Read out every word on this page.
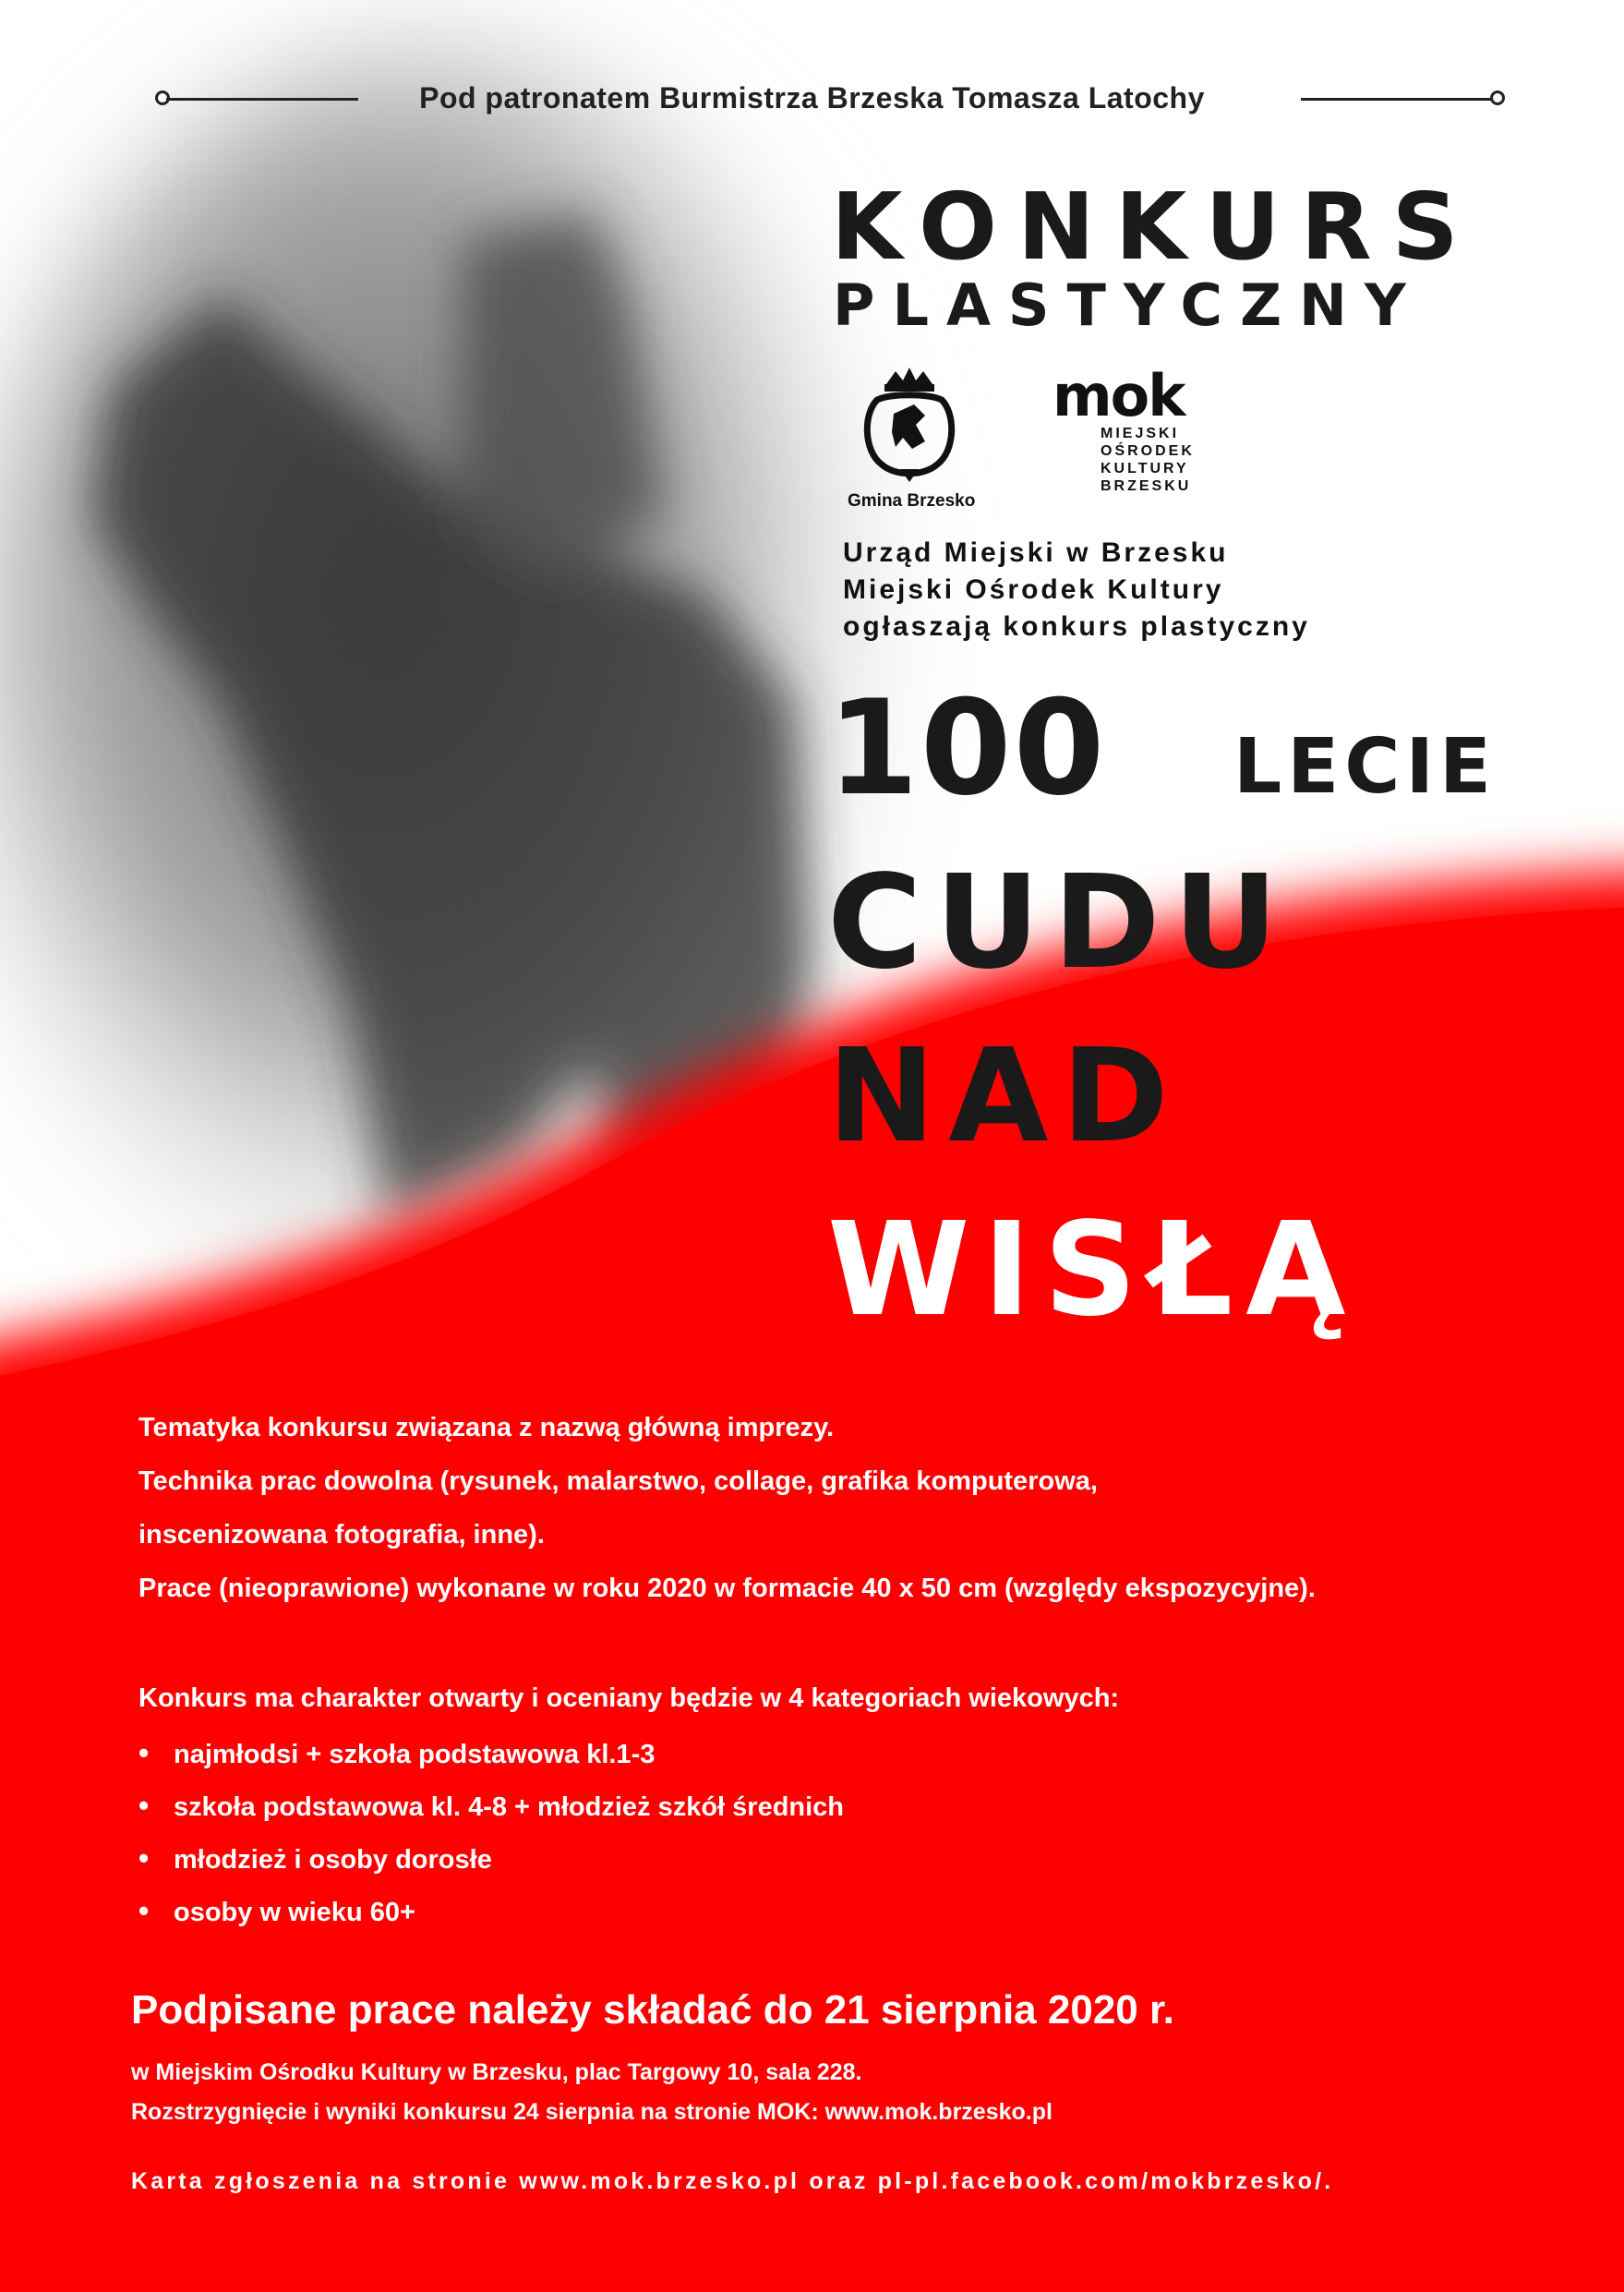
Pod patronatem Burmistrza Brzeska Tomasza Latochy
KONKURS
PLASTYCZNY
Gmina Brzesko
mok
MIEJSKI
OŚRODEK
KULTURY
BRZESKU
Urząd Miejski w Brzesku
Miejski Ośrodek Kultury
ogłaszają konkurs plastyczny
100 LECIE
CUDU
NAD
WISŁĄ
Tematyka konkursu związana z nazwą główną imprezy.
Technika prac dowolna (rysunek, malarstwo, collage, grafika komputerowa,
inscenizowana fotografia, inne).
Prace (nieoprawione) wykonane w roku 2020 w formacie 40 x 50 cm (względy ekspozycyjne).
Konkurs ma charakter otwarty i oceniany będzie w 4 kategoriach wiekowych:
• najmłodsi + szkoła podstawowa kl.1-3
• szkoła podstawowa kl. 4-8 + młodzież szkół średnich
• młodzież i osoby dorosłe
• osoby w wieku 60+
Podpisane prace należy składać do 21 sierpnia 2020 r.
w Miejskim Ośrodku Kultury w Brzesku, plac Targowy 10, sala 228.
Rozstrzygnięcie i wyniki konkursu 24 sierpnia na stronie MOK: www.mok.brzesko.pl
Karta zgłoszenia na stronie www.mok.brzesko.pl oraz pl-pl.facebook.com/mokbrzesko/.
